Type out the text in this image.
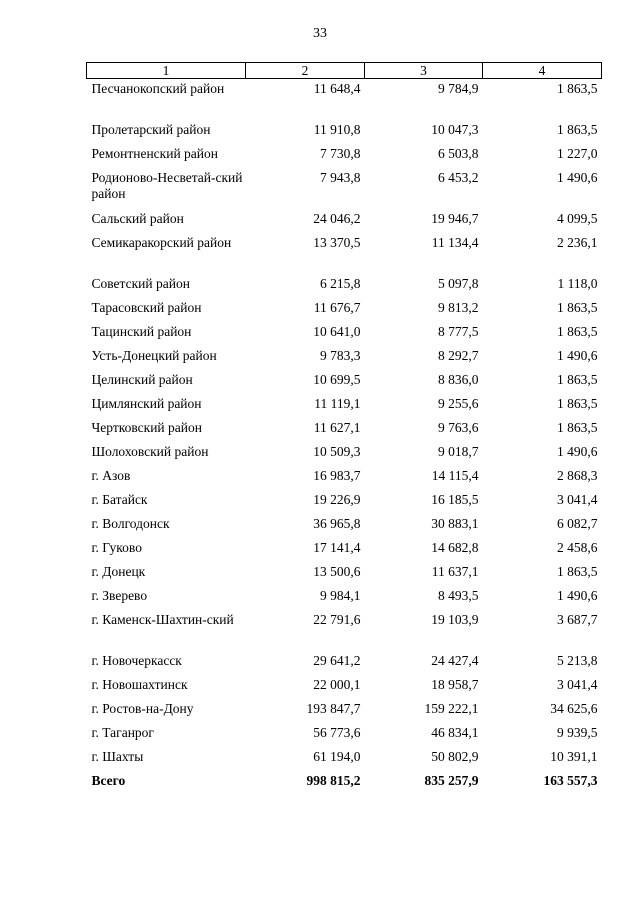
33
1	2	3	4
Песчанокопский район	11 648,4	9 784,9	1 863,5
Пролетарский район	11 910,8	10 047,3	1 863,5
Ремонтненский район	7 730,8	6 503,8	1 227,0
Родионово-Несветай-ский район	7 943,8	6 453,2	1 490,6
Сальский район	24 046,2	19 946,7	4 099,5
Семикаракорский район	13 370,5	11 134,4	2 236,1
Советский район	6 215,8	5 097,8	1 118,0
Тарасовский район	11 676,7	9 813,2	1 863,5
Тацинский район	10 641,0	8 777,5	1 863,5
Усть-Донецкий район	9 783,3	8 292,7	1 490,6
Целинский район	10 699,5	8 836,0	1 863,5
Цимлянский район	11 119,1	9 255,6	1 863,5
Чертковский район	11 627,1	9 763,6	1 863,5
Шолоховский район	10 509,3	9 018,7	1 490,6
г. Азов	16 983,7	14 115,4	2 868,3
г. Батайск	19 226,9	16 185,5	3 041,4
г. Волгодонск	36 965,8	30 883,1	6 082,7
г. Гуково	17 141,4	14 682,8	2 458,6
г. Донецк	13 500,6	11 637,1	1 863,5
г. Зверево	9 984,1	8 493,5	1 490,6
г. Каменск-Шахтин-ский	22 791,6	19 103,9	3 687,7
г. Новочеркасск	29 641,2	24 427,4	5 213,8
г. Новошахтинск	22 000,1	18 958,7	3 041,4
г. Ростов-на-Дону	193 847,7	159 222,1	34 625,6
г. Таганрог	56 773,6	46 834,1	9 939,5
г. Шахты	61 194,0	50 802,9	10 391,1
Всего	998 815,2	835 257,9	163 557,3
